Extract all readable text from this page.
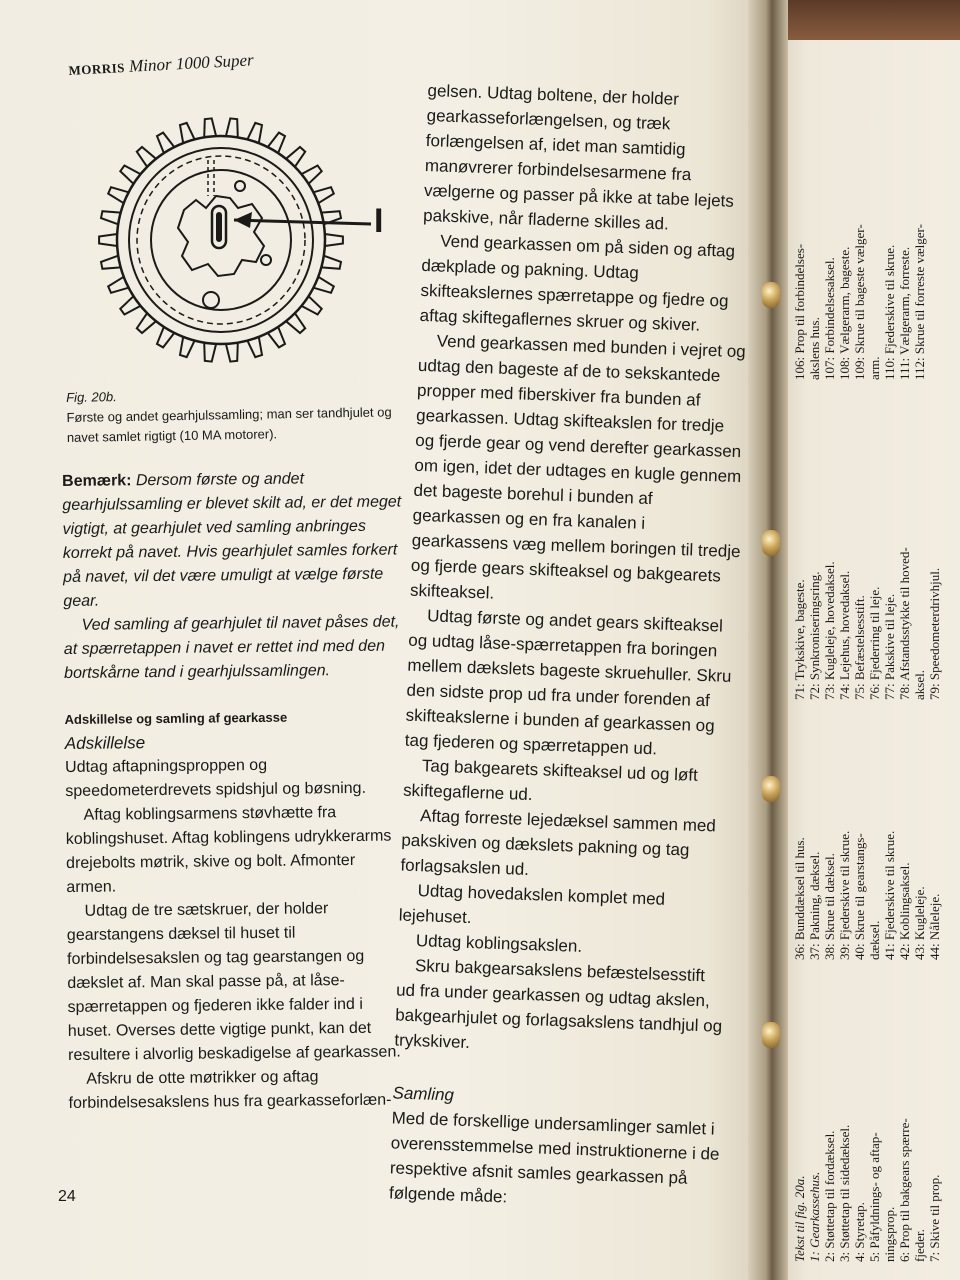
MORRIS Minor 1000 Super
I
Fig. 20b.
Første og andet gearhjulssamling; man ser tandhjulet og navet samlet rigtigt (10 MA motorer).

Bemærk: Dersom første og andet gearhjulssamling er blevet skilt ad, er det meget vigtigt, at gearhjulet ved samling anbringes korrekt på navet. Hvis gearhjulet samles forkert på navet, vil det være umuligt at vælge første gear.

Ved samling af gearhjulet til navet påses det, at spærretappen i navet er rettet ind med den bortskårne tand i gearhjulssamlingen.

Adskillelse og samling af gearkasse

Adskillelse

Udtag aftapningsproppen og speedometerdrevets spidshjul og bøsning.

Aftag koblingsarmens støvhætte fra koblingshuset. Aftag koblingens udrykkerarms drejebolts møtrik, skive og bolt. Afmonter armen.

Udtag de tre sætskruer, der holder gearstangens dæksel til huset til forbindelsesakslen og tag gearstangen og dækslet af. Man skal passe på, at låse-spærretappen og fjederen ikke falder ind i huset. Overses dette vigtige punkt, kan det resultere i alvorlig beskadigelse af gearkassen.

Afskru de otte møtrikker og aftag forbindelsesakslens hus fra gearkasseforlæn-

24

gelsen. Udtag boltene, der holder gearkasseforlængelsen, og træk forlængelsen af, idet man samtidig manøvrerer forbindelsesarmene fra vælgerne og passer på ikke at tabe lejets pakskive, når fladerne skilles ad.

Vend gearkassen om på siden og aftag dækplade og pakning. Udtag skifteakslernes spærretappe og fjedre og aftag skiftegaflernes skruer og skiver.

Vend gearkassen med bunden i vejret og udtag den bageste af de to sekskantede propper med fiberskiver fra bunden af gearkassen. Udtag skifteakslen for tredje og fjerde gear og vend derefter gearkassen om igen, idet der udtages en kugle gennem det bageste borehul i bunden af gearkassen og en fra kanalen i gearkassens væg mellem boringen til tredje og fjerde gears skifteaksel og bakgearets skifteaksel.

Udtag første og andet gears skifteaksel og udtag låse-spærretappen fra boringen mellem dækslets bageste skruehuller. Skru den sidste prop ud fra under forenden af skifteakslerne i bunden af gearkassen og tag fjederen og spærretappen ud.

Tag bakgearets skifteaksel ud og løft skiftegaflerne ud.

Aftag forreste lejedæksel sammen med pakskiven og dækslets pakning og tag forlagsakslen ud.

Udtag hovedakslen komplet med lejehuset.

Udtag koblingsakslen.

Skru bakgearsakslens befæstelsesstift ud fra under gearkassen og udtag akslen, bakgearhjulet og forlagsakslens tandhjul og trykskiver.

Samling

Med de forskellige undersamlinger samlet i overensstemmelse med instruktionerne i de respektive afsnit samles gearkassen på følgende måde:	Tekst til fig. 20a. 1: Gearkassehus. 2: Støttetap til fordæksel. 3: Støttetap til sidedæksel. 4: Styretap. 5: Påfyldnings- og aftap- ningsprop. 6: Prop til bakgears spærre- fjeder. 7: Skive til prop.
36: Bunddæksel til hus. 37: Pakning, dæksel. 38: Skrue til dæksel. 39: Fjederskive til skrue. 40: Skrue til gearstangs- dæksel. 41: Fjederskive til skrue. 42: Koblingsaksel. 43: Kugleleje. 44: Nåleleje.
71: Trykskive, bageste. 72: Synkroniseringsring. 73: Kugleleje, hovedaksel. 74: Lejehus, hovedaksel. 75: Befæstelsesstift. 76: Fjederring til leje. 77: Pakskive til leje. 78: Afstandsstykke til hoved- aksel. 79: Speedometerdrivhjul.
106: Prop til forbindelses- akslens hus. 107: Forbindelsesaksel. 108: Vælgerarm, bageste. 109: Skrue til bageste vælger- arm. 110: Fjederskive til skrue. 111: Vælgerarm, forreste. 112: Skrue til forreste vælger-
